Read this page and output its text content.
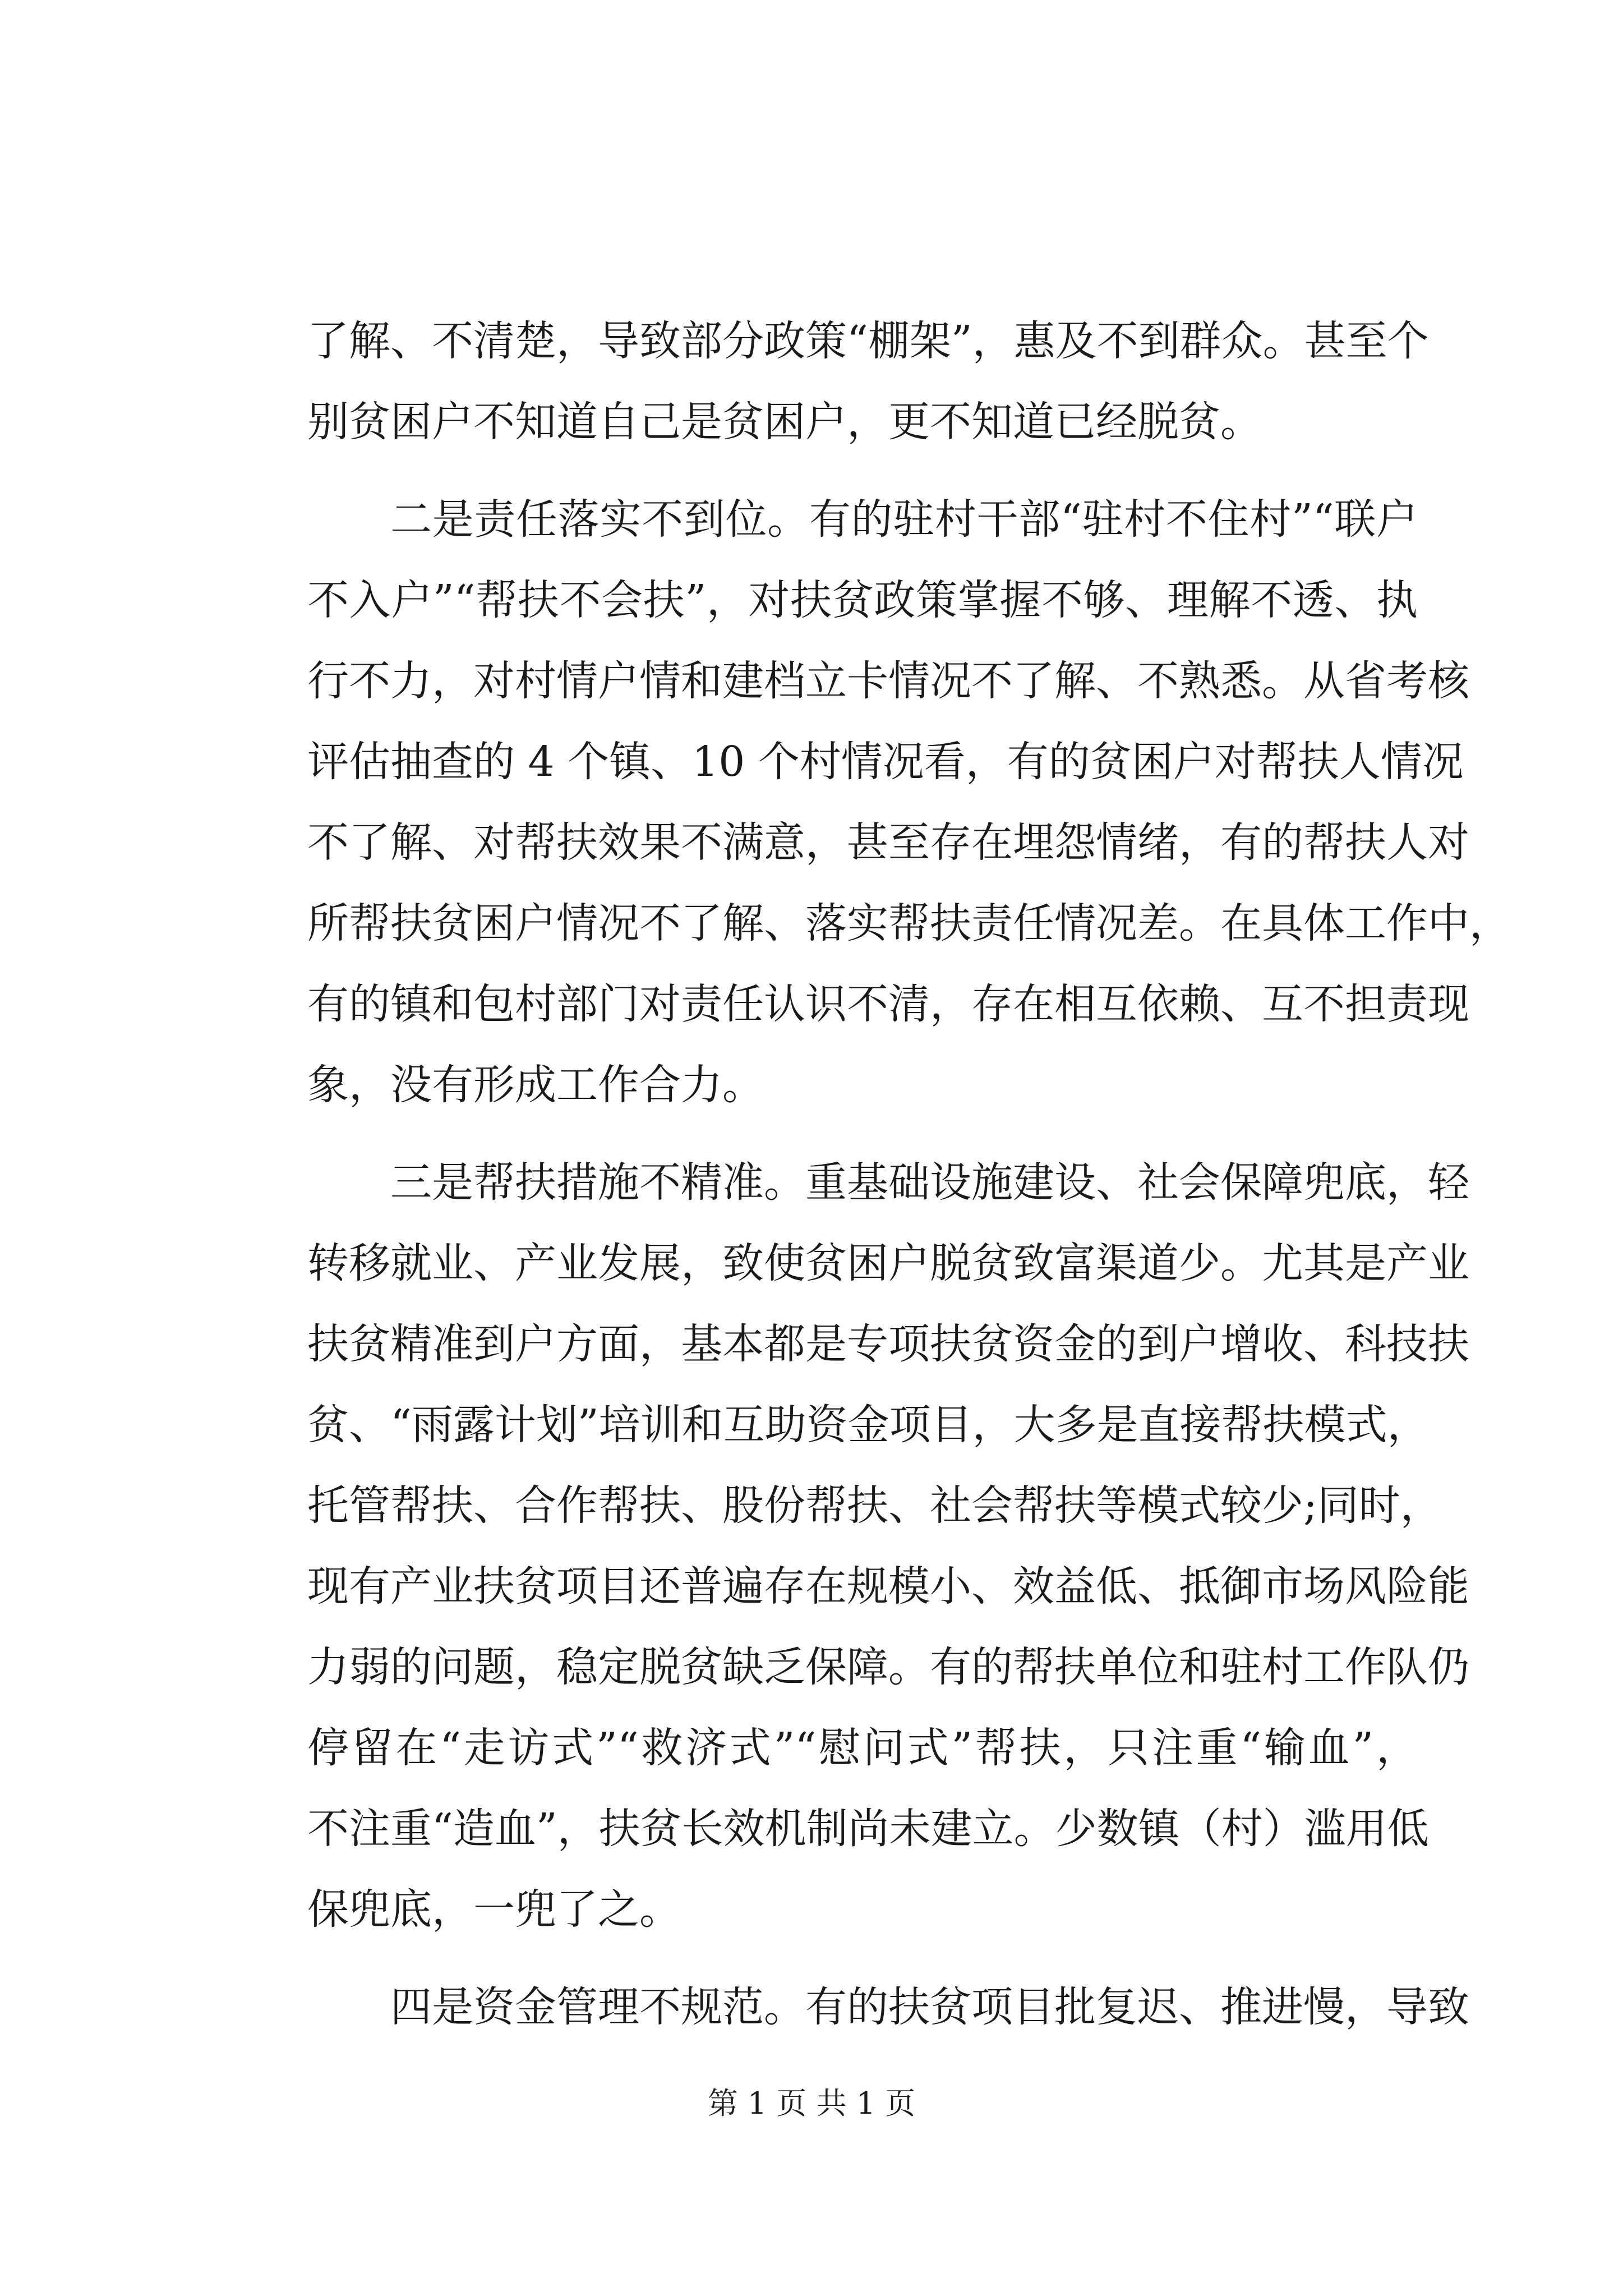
了解、不清楚，导致部分政策“棚架”，惠及不到群众。甚至个
别贫困户不知道自己是贫困户，更不知道已经脱贫。
二是责任落实不到位。有的驻村干部“驻村不住村”“联户
不入户”“帮扶不会扶”，对扶贫政策掌握不够、理解不透、执
行不力，对村情户情和建档立卡情况不了解、不熟悉。从省考核
评估抽查的 4 个镇、10 个村情况看，有的贫困户对帮扶人情况
不了解、对帮扶效果不满意，甚至存在埋怨情绪，有的帮扶人对
所帮扶贫困户情况不了解、落实帮扶责任情况差。在具体工作中，
有的镇和包村部门对责任认识不清，存在相互依赖、互不担责现
象，没有形成工作合力。
三是帮扶措施不精准。重基础设施建设、社会保障兜底，轻
转移就业、产业发展，致使贫困户脱贫致富渠道少。尤其是产业
扶贫精准到户方面，基本都是专项扶贫资金的到户增收、科技扶
贫、“雨露计划”培训和互助资金项目，大多是直接帮扶模式，
托管帮扶、合作帮扶、股份帮扶、社会帮扶等模式较少;同时，
现有产业扶贫项目还普遍存在规模小、效益低、抵御市场风险能
力弱的问题，稳定脱贫缺乏保障。有的帮扶单位和驻村工作队仍
停留在“走访式”“救济式”“慰问式”帮扶，只注重“输血”，
不注重“造血”，扶贫长效机制尚未建立。少数镇（村）滥用低
保兜底，一兜了之。
四是资金管理不规范。有的扶贫项目批复迟、推进慢，导致
第 1 页 共 1 页
